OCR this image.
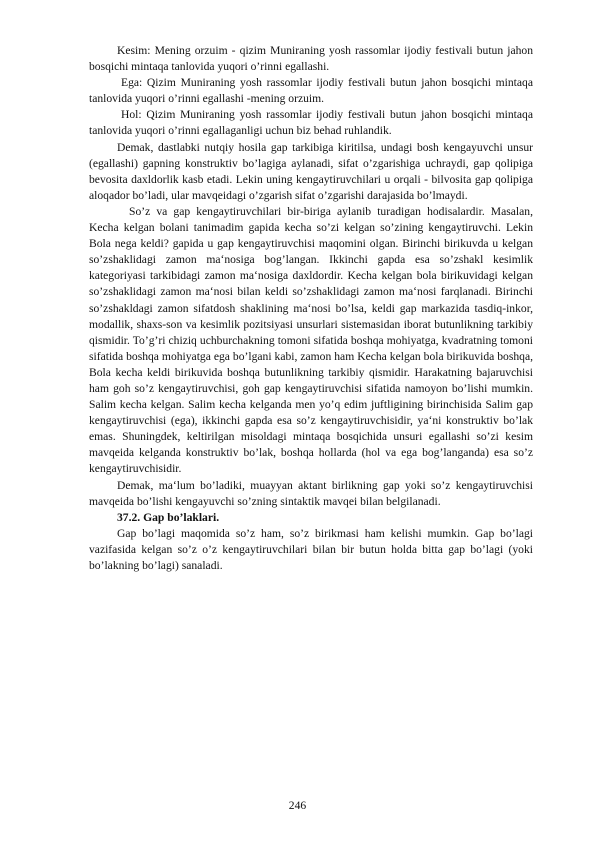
Kesim: Mening orzuim - qizim Muniraning yosh rassomlar ijodiy festivali butun jahon bosqichi mintaqa tanlovida yuqori o’rinni egallashi.

Ega: Qizim Muniraning yosh rassomlar ijodiy festivali butun jahon bosqichi mintaqa tanlovida yuqori o’rinni egallashi -mening orzuim.

Hol: Qizim Muniraning yosh rassomlar ijodiy festivali butun jahon bosqichi mintaqa tanlovida yuqori o’rinni egallaganligi uchun biz behad ruhlandik.

Demak, dastlabki nutqiy hosila gap tarkibiga kiritilsa, undagi bosh kengayuvchi unsur (egallashi) gapning konstruktiv bo’lagiga aylanadi, sifat o’zgarishiga uchraydi, gap qolipiga bevosita daxldorlik kasb etadi. Lekin uning kengaytiruvchilari u orqali - bilvosita gap qolipiga aloqador bo’ladi, ular mavqeidagi o’zgarish sifat o’zgarishi darajasida bo’lmaydi.

So’z va gap kengaytiruvchilari bir-biriga aylanib turadigan hodisalardir. Masalan, Kecha kelgan bolani tanimadim gapida kecha so’zi kelgan so’zining kengaytiruvchi. Lekin Bola nega keldi? gapida u gap kengaytiruvchisi maqomini olgan. Birinchi birikuvda u kelgan so’zshaklidagi zamon ma‘nosiga bog’langan. Ikkinchi gapda esa so’zshakl kesimlik kategoriyasi tarkibidagi zamon ma‘nosiga daxldordir. Kecha kelgan bola birikuvidagi kelgan so’zshaklidagi zamon ma‘nosi bilan keldi so’zshaklidagi zamon ma‘nosi farqlanadi. Birinchi so’zshakldagi zamon sifatdosh shaklining ma‘nosi bo’lsa, keldi gap markazida tasdiq-inkor, modallik, shaxs-son va kesimlik pozitsiyasi unsurlari sistemasidan iborat butunlikning tarkibiy qismidir. To’g’ri chiziq uchburchakning tomoni sifatida boshqa mohiyatga, kvadratning tomoni sifatida boshqa mohiyatga ega bo’lgani kabi, zamon ham Kecha kelgan bola birikuvida boshqa, Bola kecha keldi birikuvida boshqa butunlikning tarkibiy qismidir. Harakatning bajaruvchisi ham goh so’z kengaytiruvchisi, goh gap kengaytiruvchisi sifatida namoyon bo’lishi mumkin. Salim kecha kelgan. Salim kecha kelganda men yo’q edim juftligining birinchisida Salim gap kengaytiruvchisi (ega), ikkinchi gapda esa so’z kengaytiruvchisidir, ya‘ni konstruktiv bo’lak emas. Shuningdek, keltirilgan misoldagi mintaqa bosqichida unsuri egallashi so’zi kesim mavqeida kelganda konstruktiv bo’lak, boshqa hollarda (hol va ega bog’langanda) esa so’z kengaytiruvchisidir.

Demak, ma‘lum bo’ladiki, muayyan aktant birlikning gap yoki so’z kengaytiruvchisi mavqeida bo’lishi kengayuvchi so’zning sintaktik mavqei bilan belgilanadi.

37.2. Gap bo’laklari.

Gap bo’lagi maqomida so’z ham, so’z birikmasi ham kelishi mumkin. Gap bo’lagi vazifasida kelgan so’z o’z kengaytiruvchilari bilan bir butun holda bitta gap bo’lagi (yoki bo’lakning bo’lagi) sanaladi.

246
